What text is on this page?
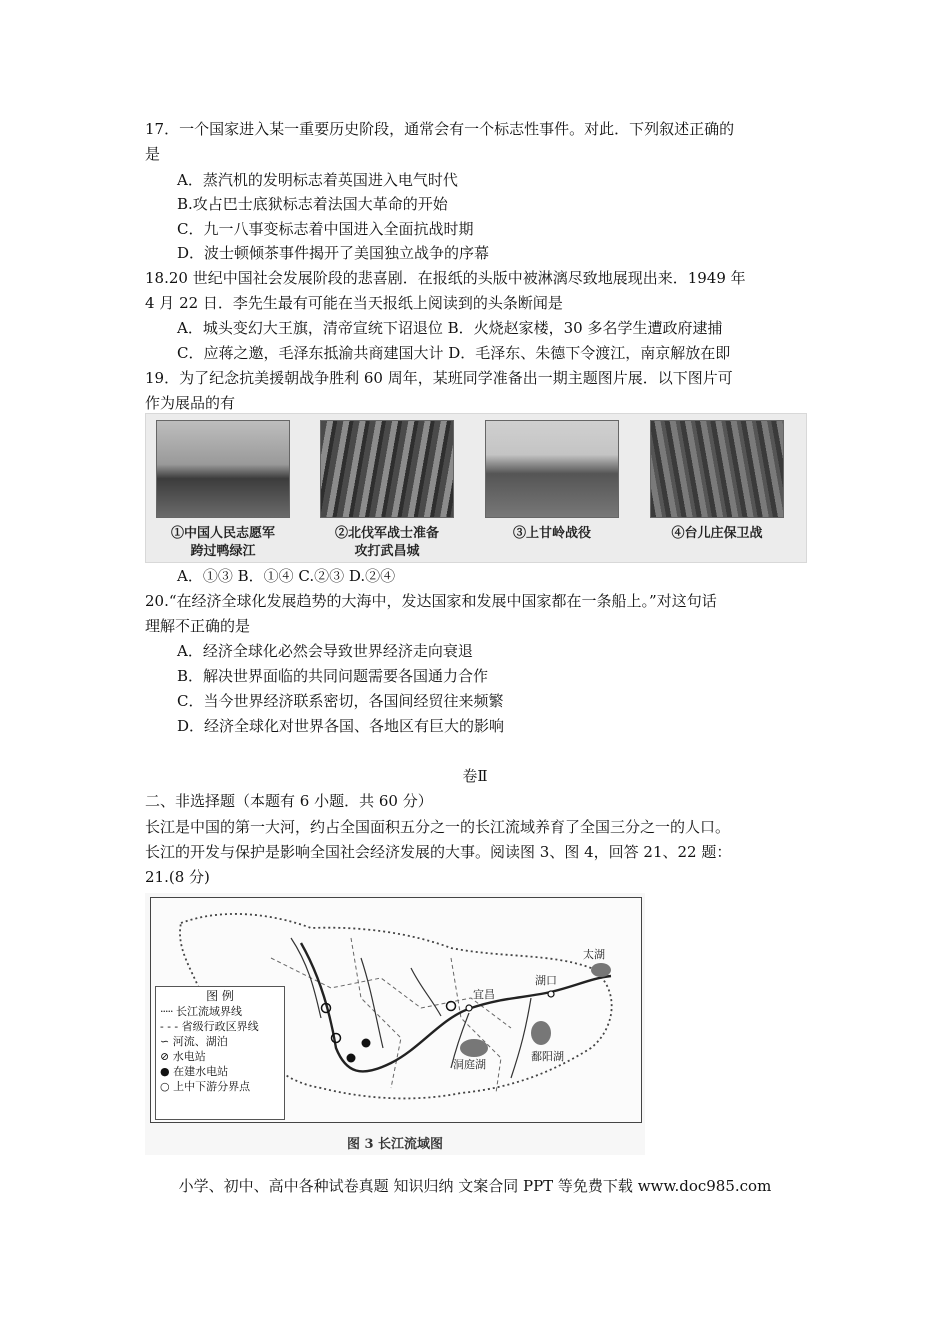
17．一个国家进入某一重要历史阶段，通常会有一个标志性事件。对此．下列叙述正确的
是
A．蒸汽机的发明标志着英国进入电气时代
B.攻占巴士底狱标志着法国大革命的开始
C．九一八事变标志着中国进入全面抗战时期
D．波士顿倾茶事件揭开了美国独立战争的序幕
18.20 世纪中国社会发展阶段的悲喜剧．在报纸的头版中被淋漓尽致地展现出来．1949 年
4 月 22 日．李先生最有可能在当天报纸上阅读到的头条断闻是
A．城头变幻大王旗，清帝宣统下诏退位 B．火烧赵家楼，30 多名学生遭政府逮捕
C．应蒋之邀，毛泽东抵渝共商建国大计 D．毛泽东、朱德下令渡江，南京解放在即
19．为了纪念抗美援朝战争胜利 60 周年，某班同学准备出一期主题图片展．以下图片可
作为展品的有
①中国人民志愿军
跨过鸭绿江
②北伐军战士准备
攻打武昌城
③上甘岭战役	④台儿庄保卫战
A．①③ B．①④ C.②③ D.②④
20.“在经济全球化发展趋势的大海中，发达国家和发展中国家都在一条船上。”对这句话
理解不正确的是
A．经济全球化必然会导致世界经济走向衰退
B．解决世界面临的共同问题需要各国通力合作
C．当今世界经济联系密切，各国间经贸往来频繁
D．经济全球化对世界各国、各地区有巨大的影响
卷Ⅱ
二、非选择题（本题有 6 小题．共 60 分）
长江是中国的第一大河，约占全国面积五分之一的长江流域养育了全国三分之一的人口。
长江的开发与保护是影响全国社会经济发展的大事。阅读图 3、图 4，回答 21、22 题：
21.(8 分)
宜昌
湖口
太湖
洞庭湖
鄱阳湖
图 例
····· 长江流域界线
- - - 省级行政区界线
∽ 河流、湖泊
⊘ 水电站
● 在建水电站
○ 上中下游分界点
图 3 长江流域图
小学、初中、高中各种试卷真题 知识归纳 文案合同 PPT 等免费下载 www.doc985.com
